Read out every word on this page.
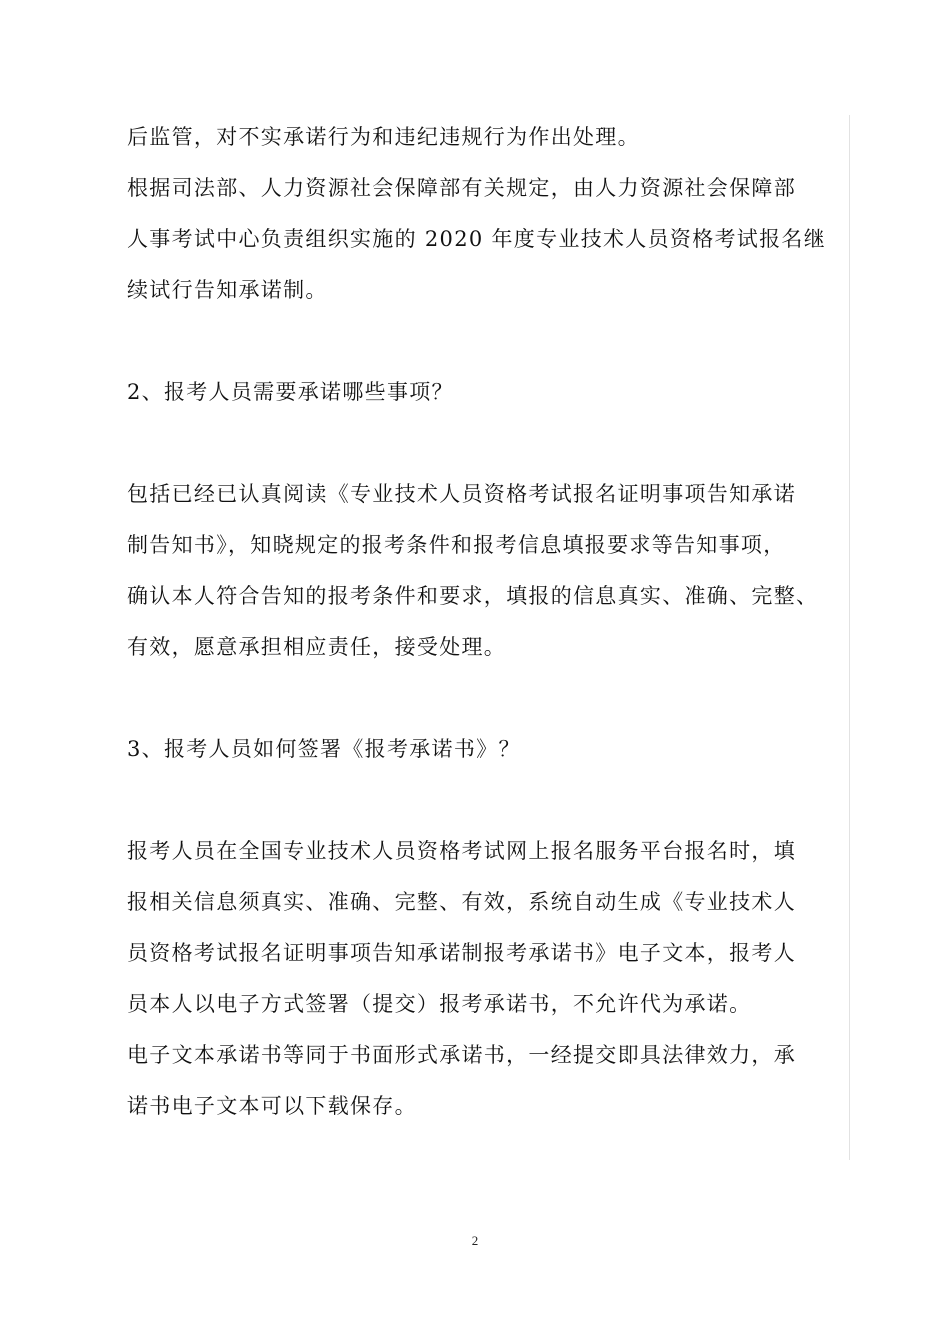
后监管，对不实承诺行为和违纪违规行为作出处理。
根据司法部、人力资源社会保障部有关规定，由人力资源社会保障部
人事考试中心负责组织实施的 2020 年度专业技术人员资格考试报名继
续试行告知承诺制。
2、报考人员需要承诺哪些事项？
包括已经已认真阅读《专业技术人员资格考试报名证明事项告知承诺
制告知书》，知晓规定的报考条件和报考信息填报要求等告知事项，
确认本人符合告知的报考条件和要求，填报的信息真实、准确、完整、
有效，愿意承担相应责任，接受处理。
3、报考人员如何签署《报考承诺书》？
报考人员在全国专业技术人员资格考试网上报名服务平台报名时，填
报相关信息须真实、准确、完整、有效，系统自动生成《专业技术人
员资格考试报名证明事项告知承诺制报考承诺书》电子文本，报考人
员本人以电子方式签署（提交）报考承诺书，不允许代为承诺。
电子文本承诺书等同于书面形式承诺书，一经提交即具法律效力，承
诺书电子文本可以下载保存。
2
